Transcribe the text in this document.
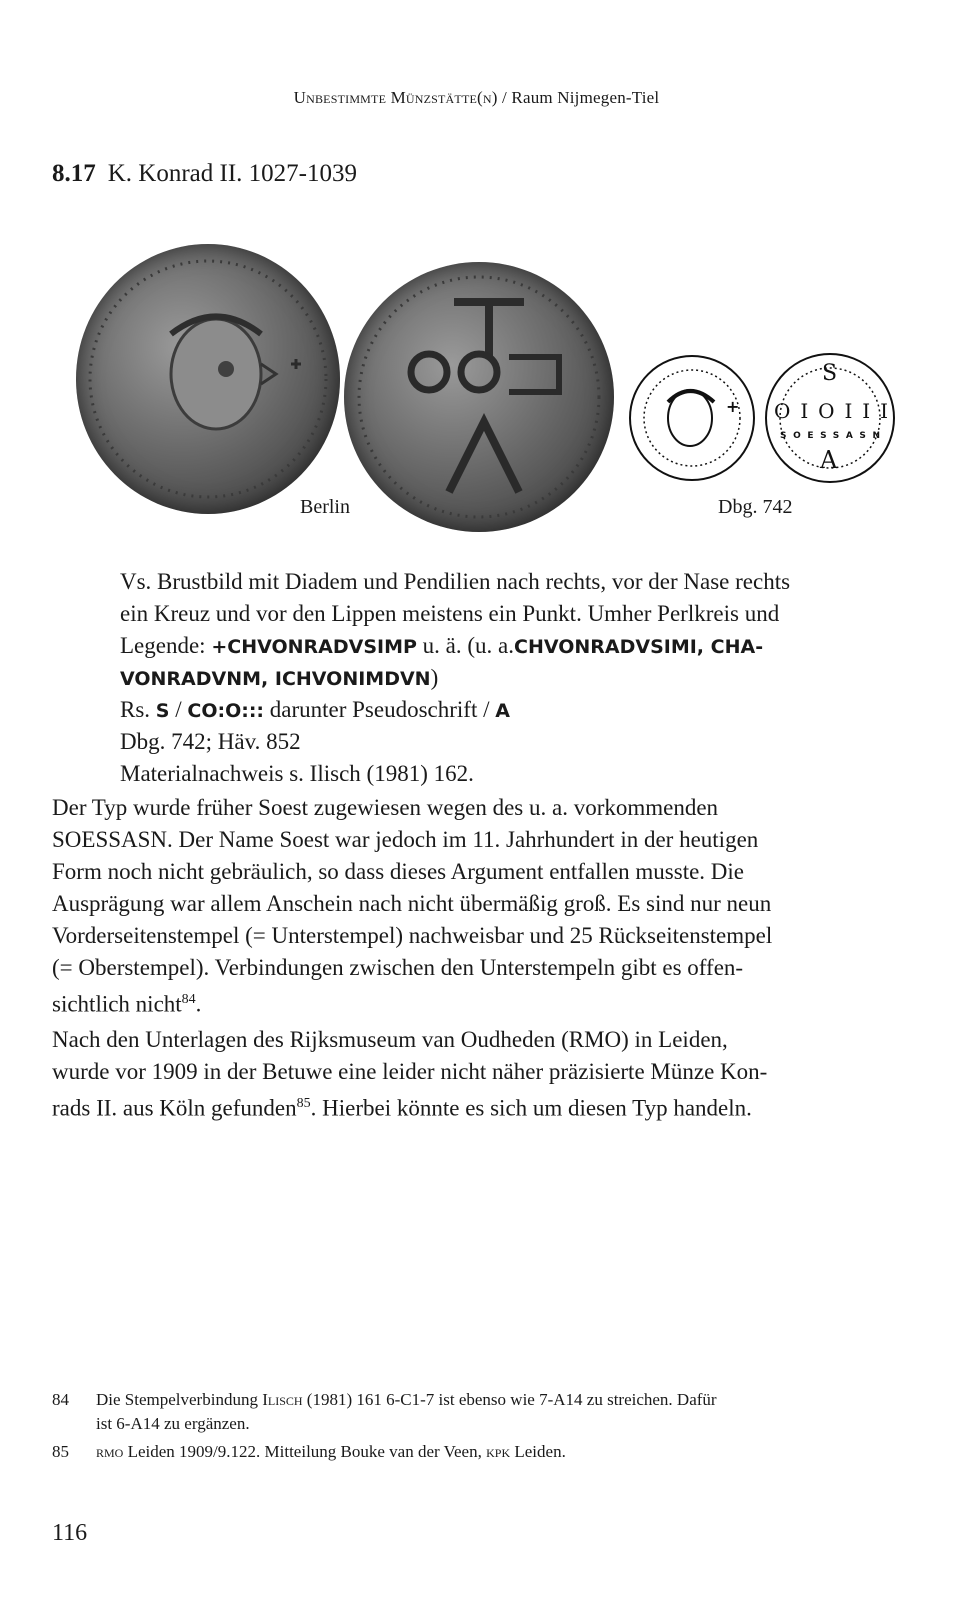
Unbestimmte Münzstätte(n) / Raum Nijmegen-Tiel
8.17 K. Konrad II. 1027-1039
Berlin
+
S
OIOIII
SOESSASN
A
Dbg. 742
Vs. Brustbild mit Diadem und Pendilien nach rechts, vor der Nase rechts
ein Kreuz und vor den Lippen meistens ein Punkt. Umher Perlkreis und
Legende: +CHVONRADVSIMP u. ä. (u. a.CHVONRADVSIMI, CHA-
VONRADVNM, ICHVONIMDVN)
Rs. S / CO:O::: darunter Pseudoschrift / A
Dbg. 742; Häv. 852
Materialnachweis s. Ilisch (1981) 162.
Der Typ wurde früher Soest zugewiesen wegen des u. a. vorkommenden
SOESSASN. Der Name Soest war jedoch im 11. Jahrhundert in der heutigen
Form noch nicht gebräulich, so dass dieses Argument entfallen musste. Die
Ausprägung war allem Anschein nach nicht übermäßig groß. Es sind nur neun
Vorderseitenstempel (= Unterstempel) nachweisbar und 25 Rückseitenstempel
(= Oberstempel). Verbindungen zwischen den Unterstempeln gibt es offen-
sichtlich nicht$^{84}$.
Nach den Unterlagen des Rijksmuseum van Oudheden (RMO) in Leiden,
wurde vor 1909 in der Betuwe eine leider nicht näher präzisierte Münze Kon-
rads II. aus Köln gefunden$^{85}$. Hierbei könnte es sich um diesen Typ handeln.
84 Die Stempelverbindung Ilisch (1981) 161 6-C1-7 ist ebenso wie 7-A14 zu streichen. Dafür
ist 6-A14 zu ergänzen.
85 rmo Leiden 1909/9.122. Mitteilung Bouke van der Veen, kpk Leiden.
116
